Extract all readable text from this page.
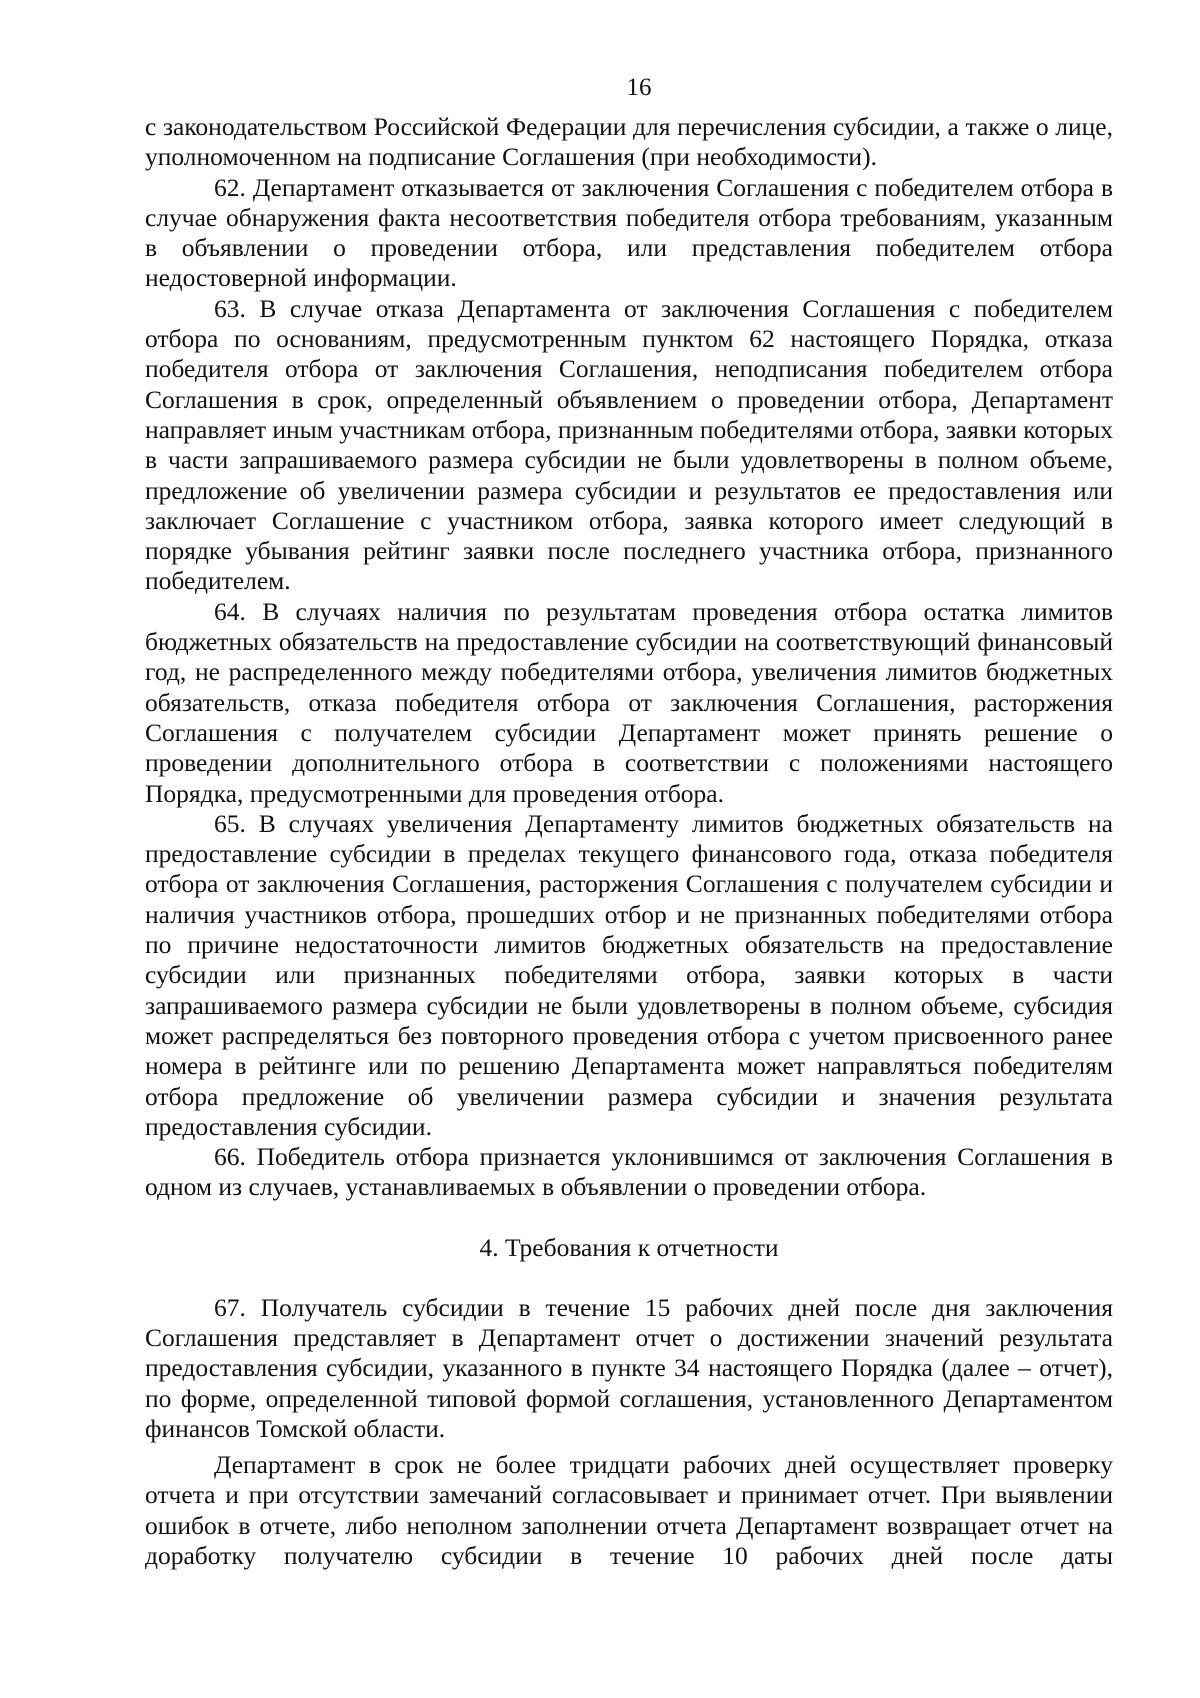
16

с законодательством Российской Федерации для перечисления субсидии, а также о лице, уполномоченном на подписание Соглашения (при необходимости).

62. Департамент отказывается от заключения Соглашения с победителем отбора в случае обнаружения факта несоответствия победителя отбора требованиям, указанным в объявлении о проведении отбора, или представления победителем отбора недостоверной информации.

63. В случае отказа Департамента от заключения Соглашения с победителем отбора по основаниям, предусмотренным пунктом 62 настоящего Порядка, отказа победителя отбора от заключения Соглашения, неподписания победителем отбора Соглашения в срок, определенный объявлением о проведении отбора, Департамент направляет иным участникам отбора, признанным победителями отбора, заявки которых в части запрашиваемого размера субсидии не были удовлетворены в полном объеме, предложение об увеличении размера субсидии и результатов ее предоставления или заключает Соглашение с участником отбора, заявка которого имеет следующий в порядке убывания рейтинг заявки после последнего участника отбора, признанного победителем.

64. В случаях наличия по результатам проведения отбора остатка лимитов бюджетных обязательств на предоставление субсидии на соответствующий финансовый год, не распределенного между победителями отбора, увеличения лимитов бюджетных обязательств, отказа победителя отбора от заключения Соглашения, расторжения Соглашения с получателем субсидии Департамент может принять решение о проведении дополнительного отбора в соответствии с положениями настоящего Порядка, предусмотренными для проведения отбора.

65. В случаях увеличения Департаменту лимитов бюджетных обязательств на предоставление субсидии в пределах текущего финансового года, отказа победителя отбора от заключения Соглашения, расторжения Соглашения с получателем субсидии и наличия участников отбора, прошедших отбор и не признанных победителями отбора по причине недостаточности лимитов бюджетных обязательств на предоставление субсидии или признанных победителями отбора, заявки которых в части запрашиваемого размера субсидии не были удовлетворены в полном объеме, субсидия может распределяться без повторного проведения отбора с учетом присвоенного ранее номера в рейтинге или по решению Департамента может направляться победителям отбора предложение об увеличении размера субсидии и значения результата предоставления субсидии.

66. Победитель отбора признается уклонившимся от заключения Соглашения в одном из случаев, устанавливаемых в объявлении о проведении отбора.

4. Требования к отчетности

67. Получатель субсидии в течение 15 рабочих дней после дня заключения Соглашения представляет в Департамент отчет о достижении значений результата предоставления субсидии, указанного в пункте 34 настоящего Порядка (далее – отчет), по форме, определенной типовой формой соглашения, установленного Департаментом финансов Томской области.

Департамент в срок не более тридцати рабочих дней осуществляет проверку отчета и при отсутствии замечаний согласовывает и принимает отчет. При выявлении ошибок в отчете, либо неполном заполнении отчета Департамент возвращает отчет на доработку получателю субсидии в течение 10 рабочих дней после даты
